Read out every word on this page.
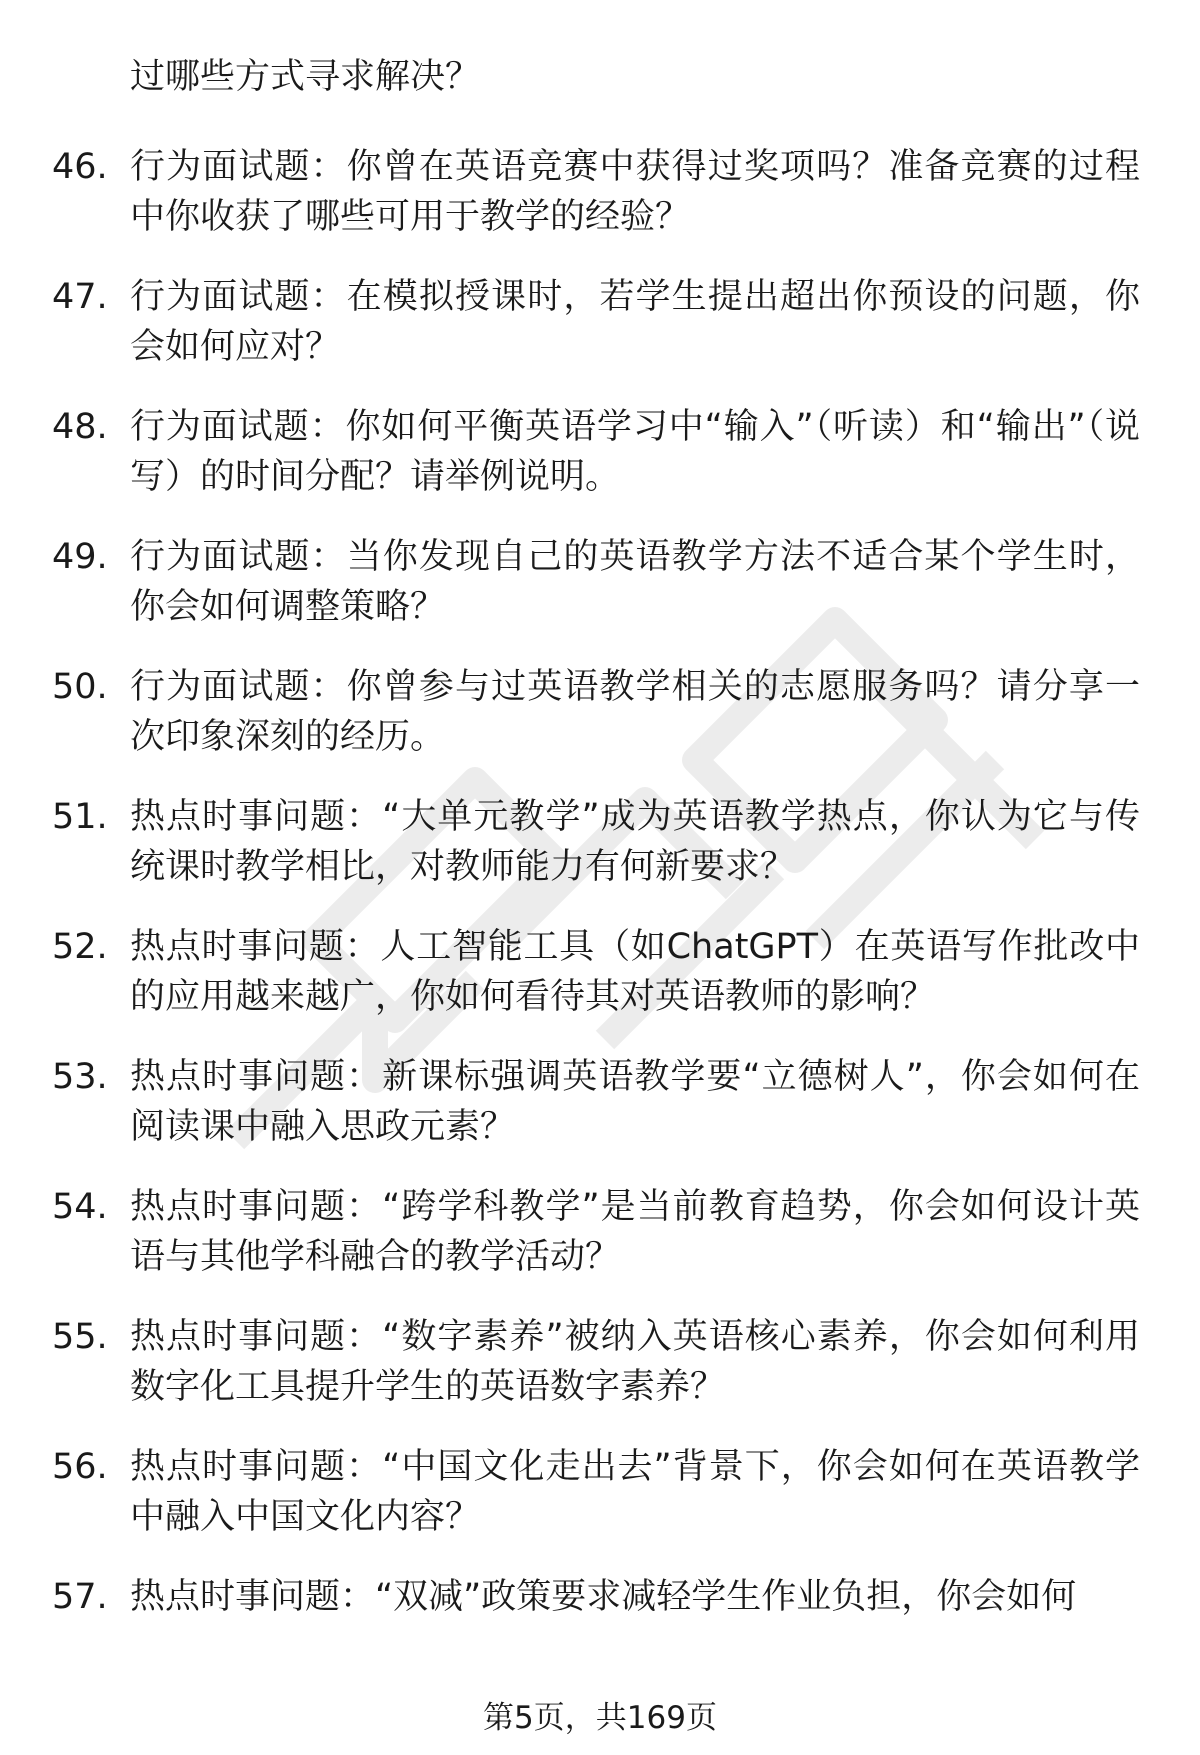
过哪些方式寻求解决？
46. 行为面试题：你曾在英语竞赛中获得过奖项吗？准备竞赛的过程中你收获了哪些可用于教学的经验？
47. 行为面试题：在模拟授课时，若学生提出超出你预设的问题，你会如何应对？
48. 行为面试题：你如何平衡英语学习中“输入”（听读）和“输出”（说写）的时间分配？请举例说明。
49. 行为面试题：当你发现自己的英语教学方法不适合某个学生时，你会如何调整策略？
50. 行为面试题：你曾参与过英语教学相关的志愿服务吗？请分享一次印象深刻的经历。
51. 热点时事问题：“大单元教学”成为英语教学热点，你认为它与传统课时教学相比，对教师能力有何新要求？
52. 热点时事问题：人工智能工具（如ChatGPT）在英语写作批改中的应用越来越广，你如何看待其对英语教师的影响？
53. 热点时事问题：新课标强调英语教学要“立德树人”，你会如何在阅读课中融入思政元素？
54. 热点时事问题：“跨学科教学”是当前教育趋势，你会如何设计英语与其他学科融合的教学活动？
55. 热点时事问题：“数字素养”被纳入英语核心素养，你会如何利用数字化工具提升学生的英语数字素养？
56. 热点时事问题：“中国文化走出去”背景下，你会如何在英语教学中融入中国文化内容？
57. 热点时事问题：“双减”政策要求减轻学生作业负担，你会如何
第5页，共169页
